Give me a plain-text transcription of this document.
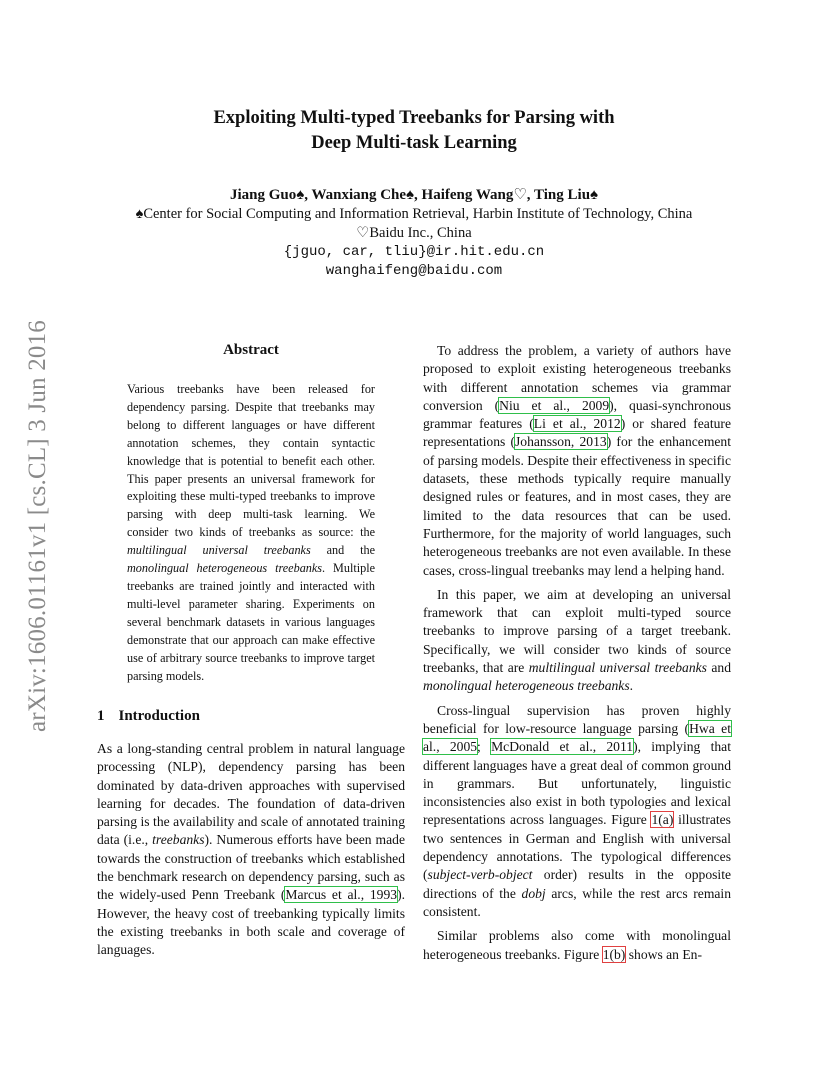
arXiv:1606.01161v1 [cs.CL] 3 Jun 2016
Exploiting Multi-typed Treebanks for Parsing with
Deep Multi-task Learning
Jiang Guo♠, Wanxiang Che♠, Haifeng Wang♡, Ting Liu♠
♠Center for Social Computing and Information Retrieval, Harbin Institute of Technology, China
♡Baidu Inc., China
{jguo, car, tliu}@ir.hit.edu.cn
wanghaifeng@baidu.com
Abstract
Various treebanks have been released for dependency parsing. Despite that treebanks may belong to different languages or have different annotation schemes, they contain syntactic knowledge that is potential to benefit each other. This paper presents an universal framework for exploiting these multi-typed treebanks to improve parsing with deep multi-task learning. We consider two kinds of treebanks as source: the multilingual universal treebanks and the monolingual heterogeneous treebanks. Multiple treebanks are trained jointly and interacted with multi-level parameter sharing. Experiments on several benchmark datasets in various languages demonstrate that our approach can make effective use of arbitrary source treebanks to improve target parsing models.
1 Introduction

As a long-standing central problem in natural language processing (NLP), dependency parsing has been dominated by data-driven approaches with supervised learning for decades. The foundation of data-driven parsing is the availability and scale of annotated training data (i.e., treebanks). Numerous efforts have been made towards the construction of treebanks which established the benchmark research on dependency parsing, such as the widely-used Penn Treebank (Marcus et al., 1993). However, the heavy cost of treebanking typically limits the existing treebanks in both scale and coverage of languages.

To address the problem, a variety of authors have proposed to exploit existing heterogeneous treebanks with different annotation schemes via grammar conversion (Niu et al., 2009), quasi-synchronous grammar features (Li et al., 2012) or shared feature representations (Johansson, 2013) for the enhancement of parsing models. Despite their effectiveness in specific datasets, these methods typically require manually designed rules or features, and in most cases, they are limited to the data resources that can be used. Furthermore, for the majority of world languages, such heterogeneous treebanks are not even available. In these cases, cross-lingual treebanks may lend a helping hand.

In this paper, we aim at developing an universal framework that can exploit multi-typed source treebanks to improve parsing of a target treebank. Specifically, we will consider two kinds of source treebanks, that are multilingual universal treebanks and monolingual heterogeneous treebanks.

Cross-lingual supervision has proven highly beneficial for low-resource language parsing (Hwa et al., 2005; McDonald et al., 2011), implying that different languages have a great deal of common ground in grammars. But unfortunately, linguistic inconsistencies also exist in both typologies and lexical representations across languages. Figure 1(a) illustrates two sentences in German and English with universal dependency annotations. The typological differences (subject-verb-object order) results in the opposite directions of the dobj arcs, while the rest arcs remain consistent.

Similar problems also come with monolingual heterogeneous treebanks. Figure 1(b) shows an En-
